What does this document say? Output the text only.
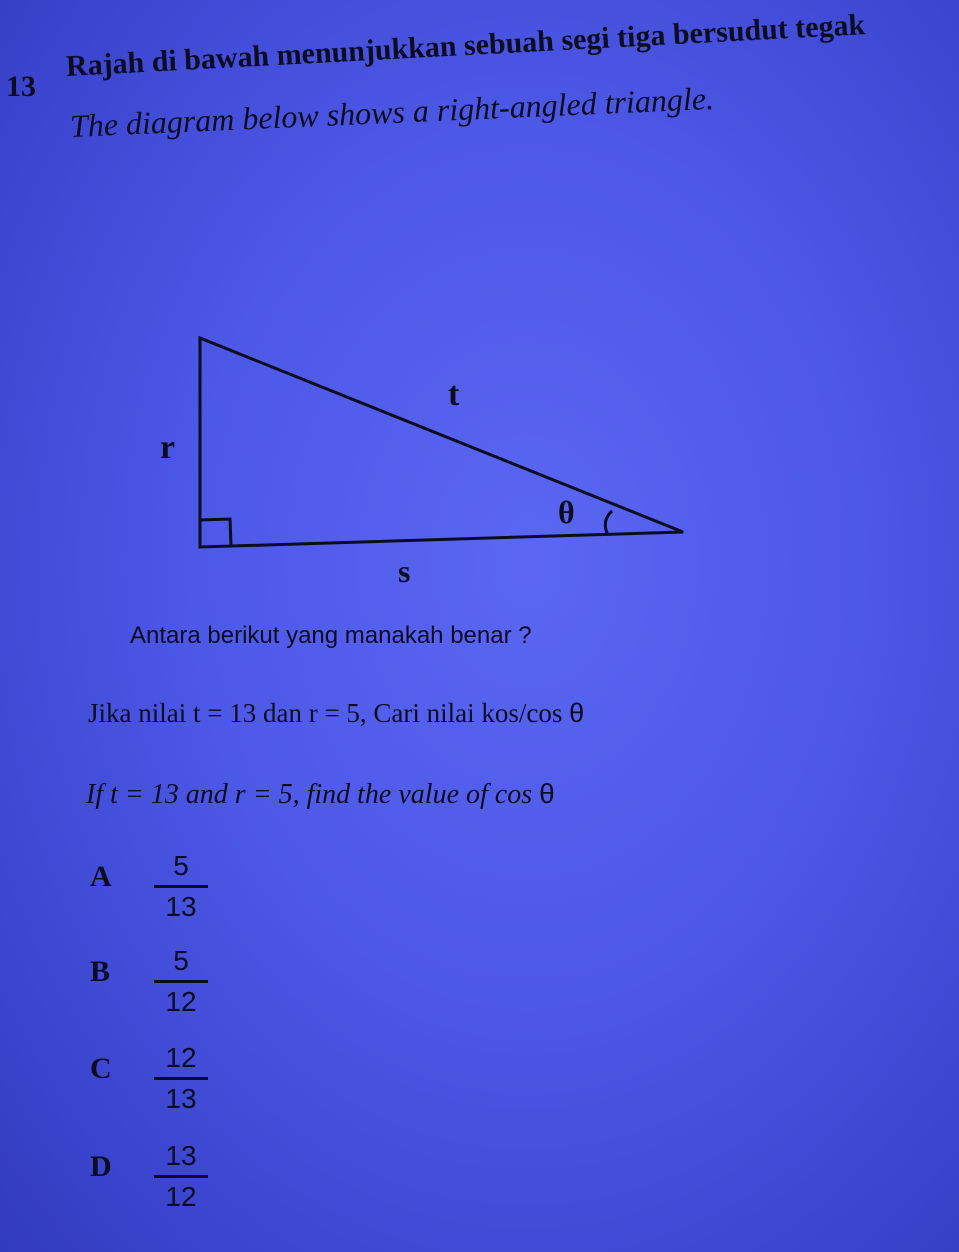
13
Rajah di bawah menunjukkan sebuah segi tiga bersudut tegak
The diagram below shows a right-angled triangle.
t
r
s
θ
Antara berikut yang manakah benar ?
Jika nilai t = 13 dan r = 5, Cari nilai kos/cos θ
If t = 13 and r = 5, find the value of cos θ
A	5
13
B	5
12
C	12
13
D	13
12
